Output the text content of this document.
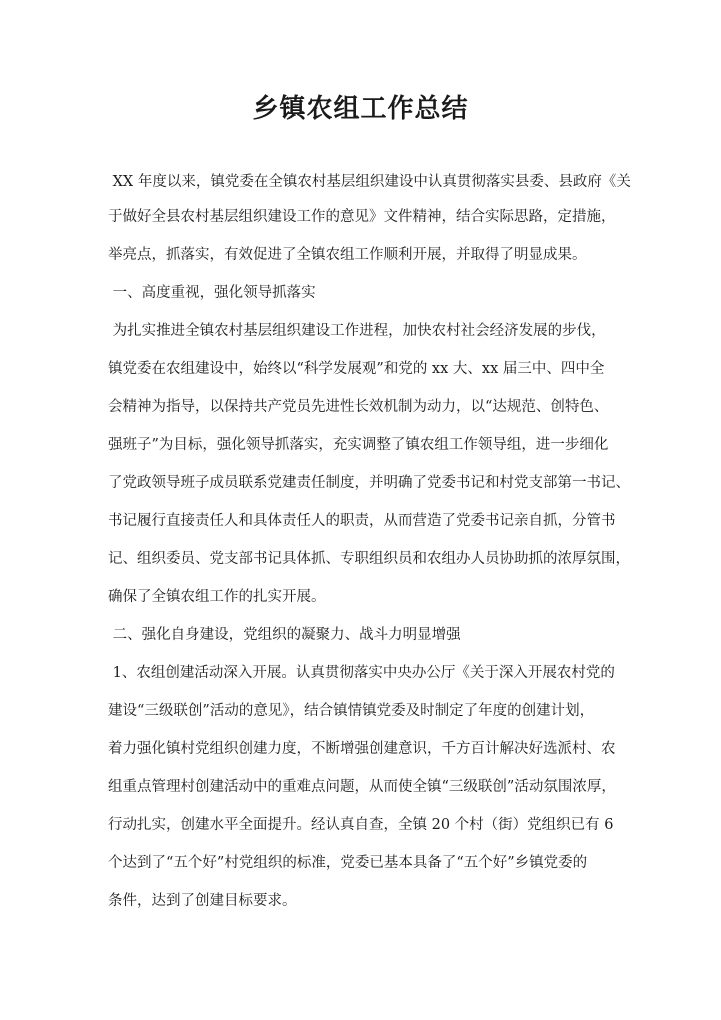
乡镇农组工作总结
XX 年度以来，镇党委在全镇农村基层组织建设中认真贯彻落实县委、县政府《关
于做好全县农村基层组织建设工作的意见》文件精神，结合实际思路，定措施，
举亮点，抓落实，有效促进了全镇农组工作顺利开展，并取得了明显成果。
一、高度重视，强化领导抓落实
为扎实推进全镇农村基层组织建设工作进程，加快农村社会经济发展的步伐，
镇党委在农组建设中，始终以“科学发展观”和党的 xx 大、xx 届三中、四中全
会精神为指导，以保持共产党员先进性长效机制为动力，以“达规范、创特色、
强班子”为目标，强化领导抓落实，充实调整了镇农组工作领导组，进一步细化
了党政领导班子成员联系党建责任制度，并明确了党委书记和村党支部第一书记、
书记履行直接责任人和具体责任人的职责，从而营造了党委书记亲自抓，分管书
记、组织委员、党支部书记具体抓、专职组织员和农组办人员协助抓的浓厚氛围，
确保了全镇农组工作的扎实开展。
二、强化自身建设，党组织的凝聚力、战斗力明显增强
1、农组创建活动深入开展。认真贯彻落实中央办公厅《关于深入开展农村党的
建设“三级联创”活动的意见》，结合镇情镇党委及时制定了年度的创建计划，
着力强化镇村党组织创建力度，不断增强创建意识，千方百计解决好选派村、农
组重点管理村创建活动中的重难点问题，从而使全镇“三级联创”活动氛围浓厚，
行动扎实，创建水平全面提升。经认真自查，全镇 20 个村（街）党组织已有 6
个达到了“五个好”村党组织的标准，党委已基本具备了“五个好”乡镇党委的
条件，达到了创建目标要求。
